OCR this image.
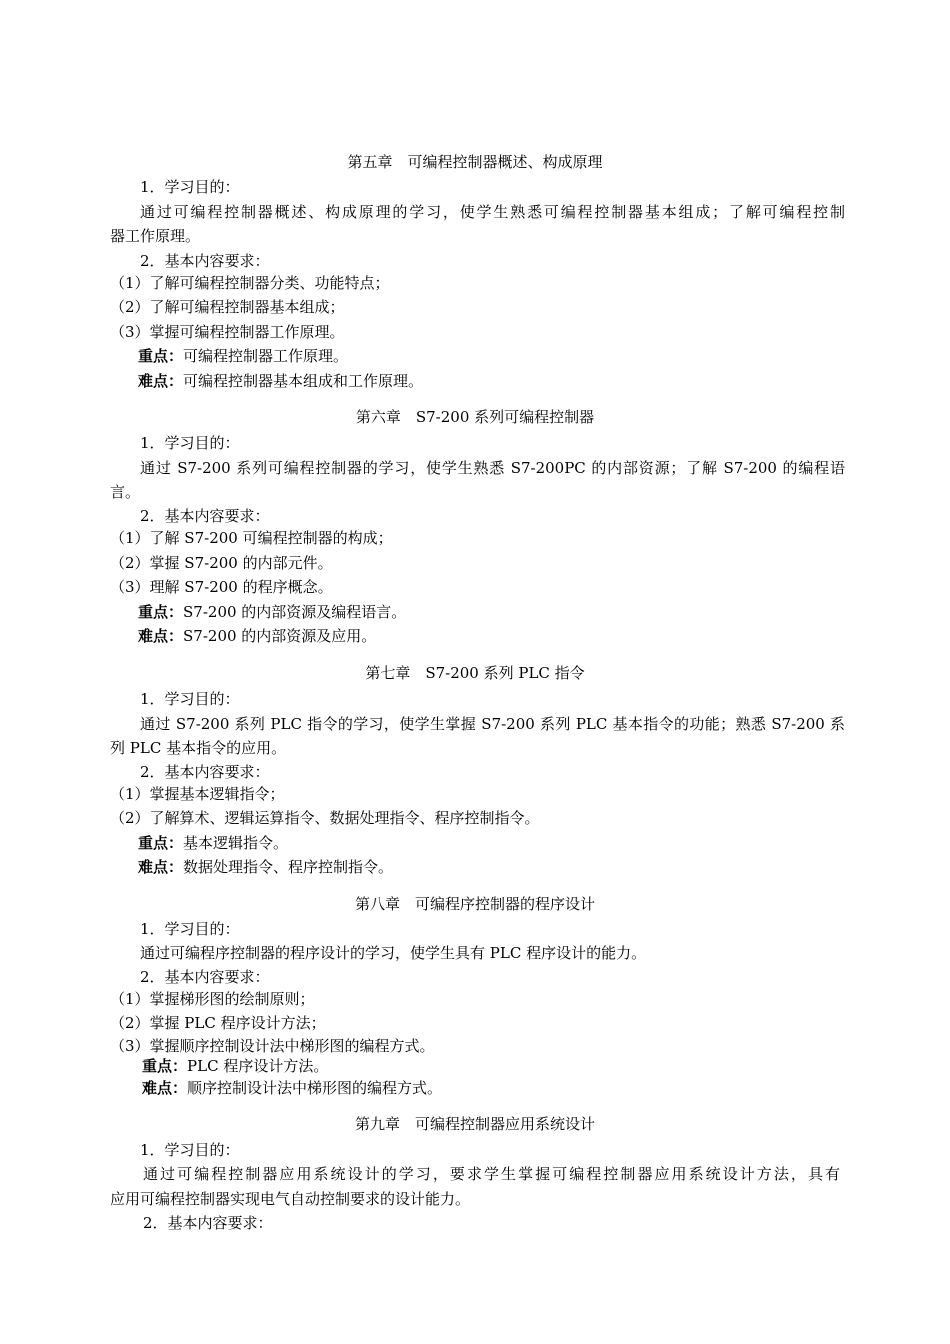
第五章　可编程控制器概述、构成原理
1．学习目的：
通过可编程控制器概述、构成原理的学习，使学生熟悉可编程控制器基本组成；了解可编程控制
器工作原理。
2．基本内容要求：
（1）了解可编程控制器分类、功能特点；
（2）了解可编程控制器基本组成；
（3）掌握可编程控制器工作原理。
重点：可编程控制器工作原理。
难点：可编程控制器基本组成和工作原理。
第六章　S7-200 系列可编程控制器
1．学习目的：
通过 S7-200 系列可编程控制器的学习，使学生熟悉 S7-200PC 的内部资源；了解 S7-200 的编程语
言。
2．基本内容要求：
（1）了解 S7-200 可编程控制器的构成；
（2）掌握 S7-200 的内部元件。
（3）理解 S7-200 的程序概念。
重点：S7-200 的内部资源及编程语言。
难点：S7-200 的内部资源及应用。
第七章　S7-200 系列 PLC 指令
1．学习目的：
通过 S7-200 系列 PLC 指令的学习，使学生掌握 S7-200 系列 PLC 基本指令的功能；熟悉 S7-200 系
列 PLC 基本指令的应用。
2．基本内容要求：
（1）掌握基本逻辑指令；
（2）了解算术、逻辑运算指令、数据处理指令、程序控制指令。
重点：基本逻辑指令。
难点：数据处理指令、程序控制指令。
第八章　可编程序控制器的程序设计
1．学习目的：
通过可编程序控制器的程序设计的学习，使学生具有 PLC 程序设计的能力。
2．基本内容要求：
（1）掌握梯形图的绘制原则；
（2）掌握 PLC 程序设计方法；
（3）掌握顺序控制设计法中梯形图的编程方式。
重点：PLC 程序设计方法。
难点：顺序控制设计法中梯形图的编程方式。
第九章　可编程控制器应用系统设计
1．学习目的：
通过可编程控制器应用系统设计的学习，要求学生掌握可编程控制器应用系统设计方法，具有
应用可编程控制器实现电气自动控制要求的设计能力。
2．基本内容要求：
